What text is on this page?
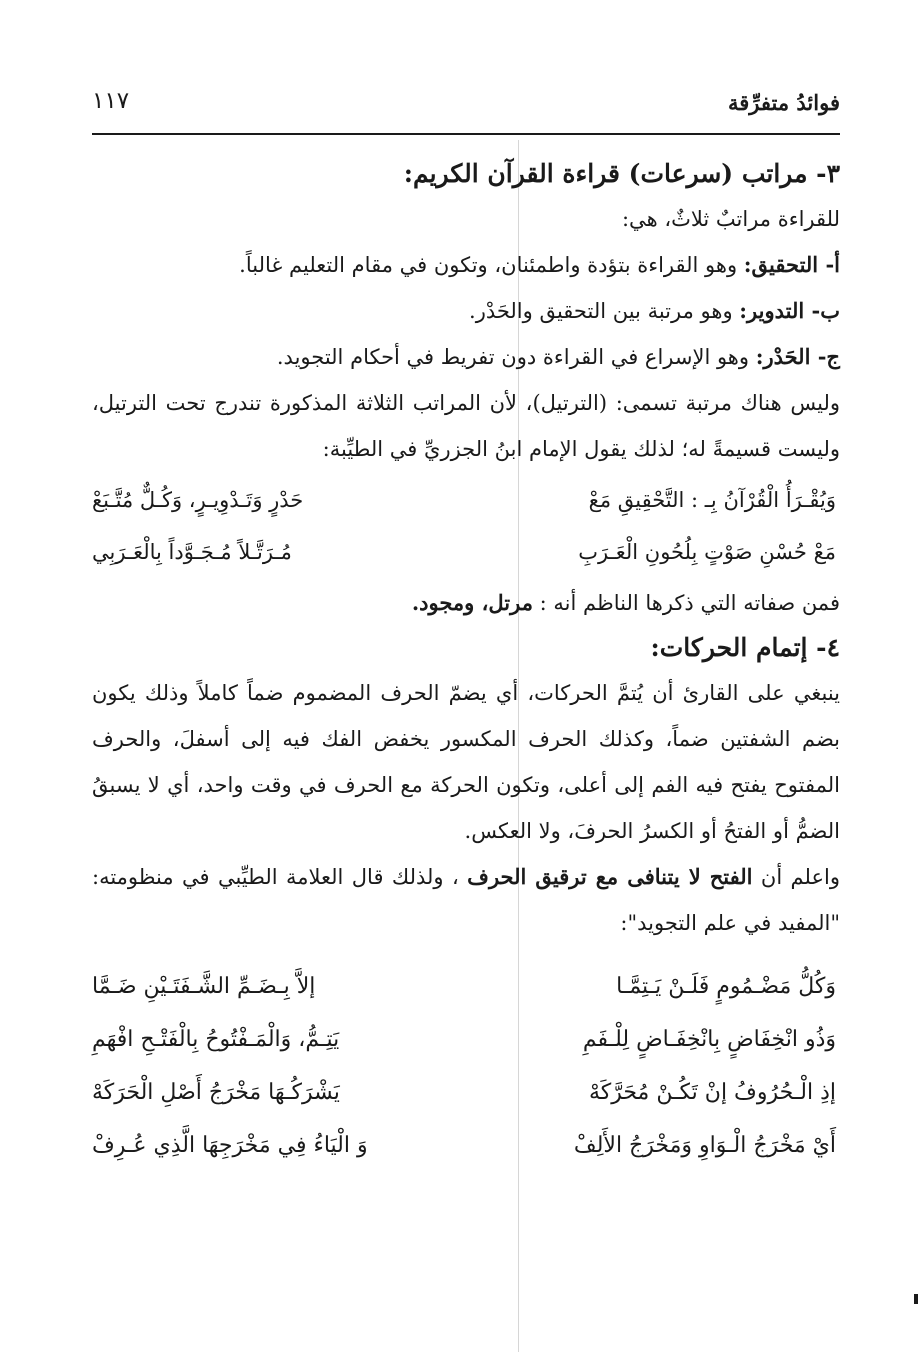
فوائدُ متفرِّقة
١١٧
٣- مراتب (سرعات) قراءة القرآن الكريم:

للقراءة مراتبٌ ثلاثٌ، هي:

أ- التحقيق: وهو القراءة بتؤدة واطمئنان، وتكون في مقام التعليم غالباً.

ب- التدوير: وهو مرتبة بين التحقيق والحَدْر.

ج- الحَدْر: وهو الإسراع في القراءة دون تفريط في أحكام التجويد.

وليس هناك مرتبة تسمى: (الترتيل)، لأن المراتب الثلاثة المذكورة تندرج تحت الترتيل، وليست قسيمةً له؛ لذلك يقول الإمام ابنُ الجزريِّ في الطيِّبة:

وَيُقْـرَأُ الْقُرْآنُ بِـ : التَّحْقِيقِ مَعْ
حَدْرٍ وَتَـدْوِيـرٍ، وَكُـلٌّ مُتَّـبَعْ
مَعْ حُسْنِ صَوْتٍ بِلُحُونِ الْعَـرَبِ
مُـرَتَّـلاً مُـجَـوَّداً بِالْعَـرَبِي

فمن صفاته التي ذكرها الناظم أنه : مرتل، ومجود.

٤- إتمام الحركات:

ينبغي على القارئ أن يُتمَّ الحركات، أي يضمّ الحرف المضموم ضماً كاملاً وذلك يكون بضم الشفتين ضماً، وكذلك الحرف المكسور يخفض الفك فيه إلى أسفلَ، والحرف المفتوح يفتح فيه الفم إلى أعلى، وتكون الحركة مع الحرف في وقت واحد، أي لا يسبقُ الضمُّ أو الفتحُ أو الكسرُ الحرفَ، ولا العكس.

واعلم أن الفتح لا يتنافى مع ترقيق الحرف ، ولذلك قال العلامة الطيِّبي في منظومته: "المفيد في علم التجويد":

وَكُلُّ مَضْـمُومٍ فَلَـنْ يَـتِمَّـا
إلاَّ بِـضَـمِّ الشَّـفَتَـيْنِ ضَـمَّا
وَذُو انْخِفَاضٍ بِانْخِفَـاضٍ لِلْـفَمِ
يَتِـمُّ، وَالْمَـفْتُوحُ بِالْفَتْـحِ افْهَمِ
إذِ الْـحُرُوفُ إنْ تَكُـنْ مُحَرَّكَهْ
يَشْرَكُـهَا مَخْرَجُ أَصْلِ الْحَرَكَهْ
أَيْ مَخْرَجُ الْـوَاوِ وَمَخْرَجُ الأَلِفْ
وَ الْيَاءُ فِي مَخْرَجِهَا الَّذِي عُـرِفْ
